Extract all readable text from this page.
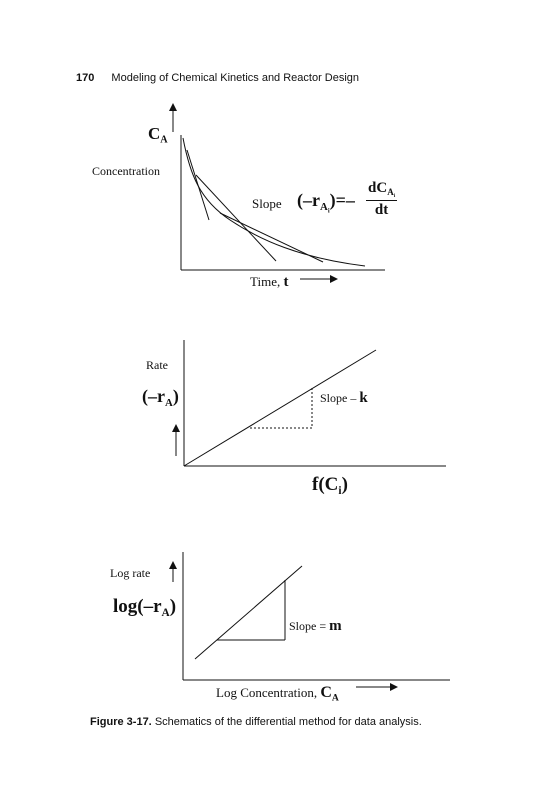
170 Modeling of Chemical Kinetics and Reactor Design
$C_A$
Concentration
Slope $(-r_{A_i})=- \frac{dC_{A_i}}{dt}$
Time, t
Rate
$(-r_A)$	Slope – k
$f(C_i)$
Log rate
$\log(-r_A)$
Slope = m
Log Concentration, $C_A$
Figure 3-17. Schematics of the differential method for data analysis.
